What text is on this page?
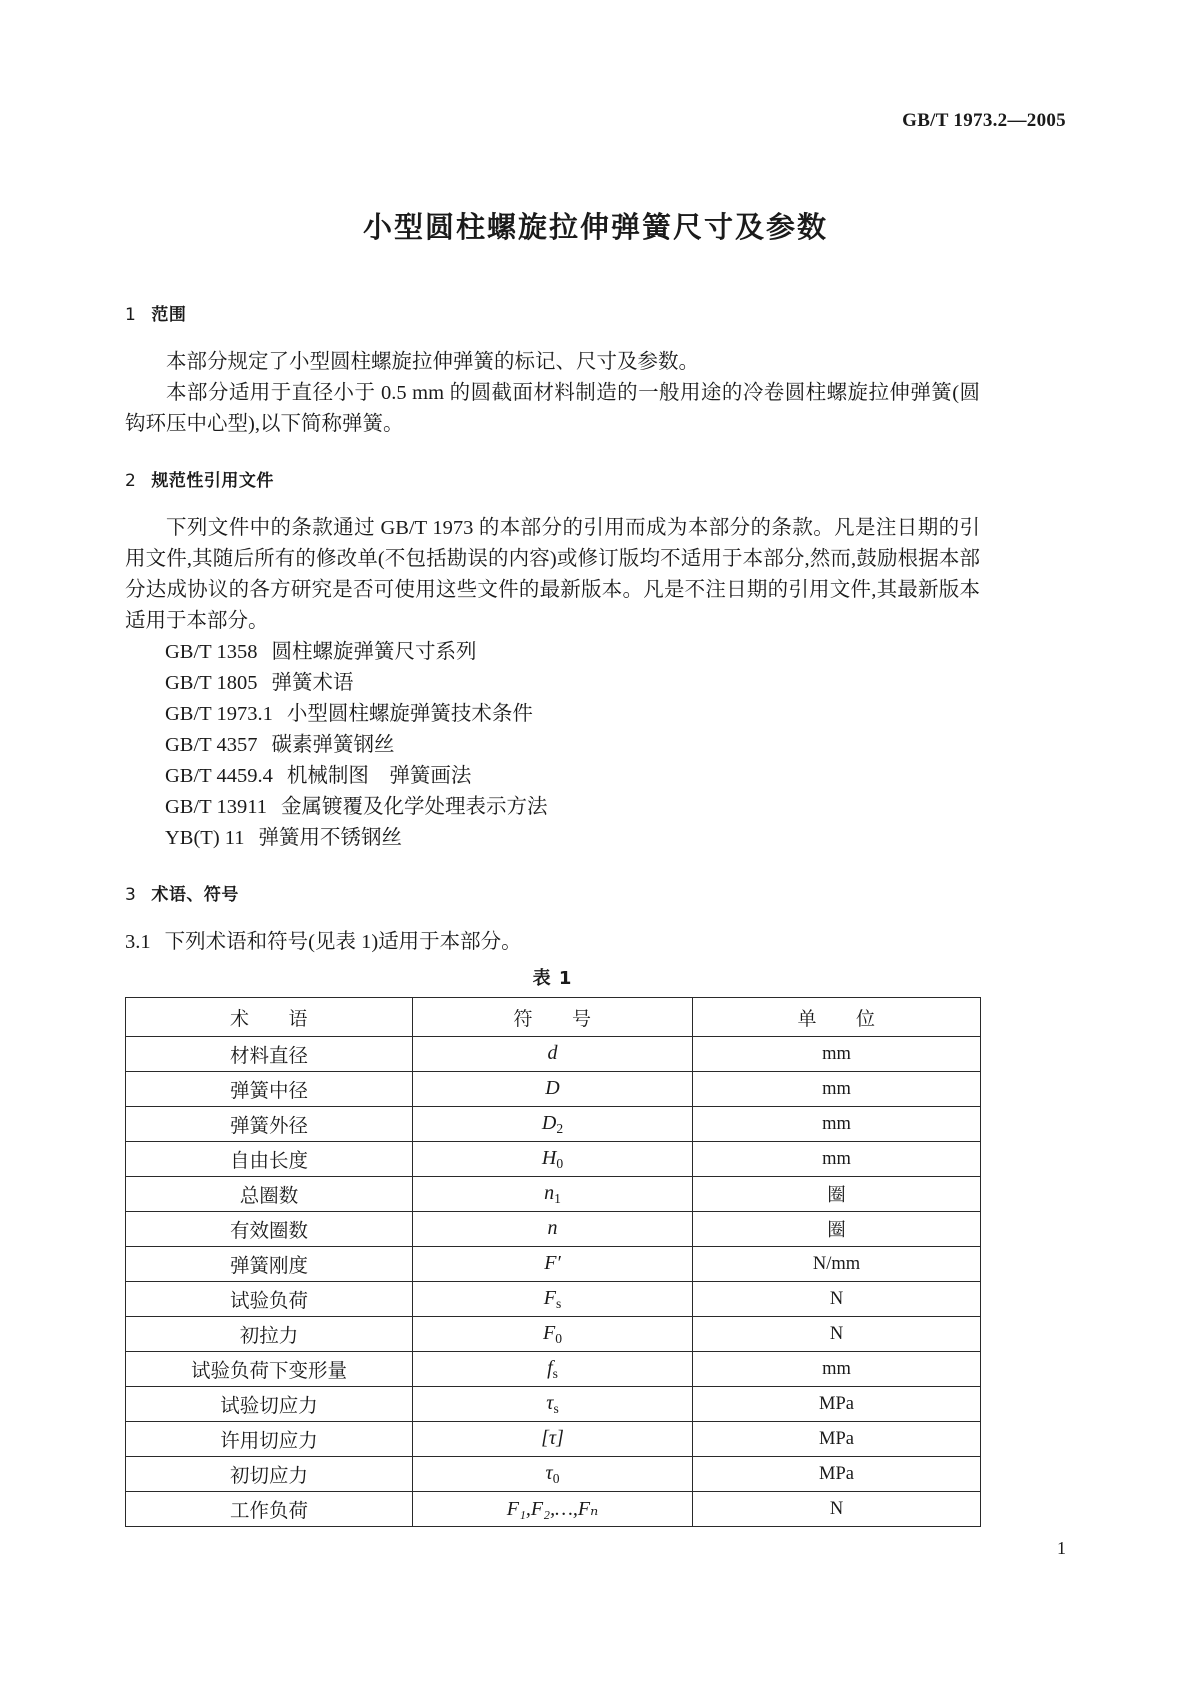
GB/T 1973.2—2005
小型圆柱螺旋拉伸弹簧尺寸及参数
1 范围

本部分规定了小型圆柱螺旋拉伸弹簧的标记、尺寸及参数。

本部分适用于直径小于 0.5 mm 的圆截面材料制造的一般用途的冷卷圆柱螺旋拉伸弹簧(圆钩环压中心型),以下简称弹簧。

2 规范性引用文件

下列文件中的条款通过 GB/T 1973 的本部分的引用而成为本部分的条款。凡是注日期的引用文件,其随后所有的修改单(不包括勘误的内容)或修订版均不适用于本部分,然而,鼓励根据本部分达成协议的各方研究是否可使用这些文件的最新版本。凡是不注日期的引用文件,其最新版本适用于本部分。

GB/T 1358 圆柱螺旋弹簧尺寸系列
GB/T 1805 弹簧术语
GB/T 1973.1 小型圆柱螺旋弹簧技术条件
GB/T 4357 碳素弹簧钢丝
GB/T 4459.4 机械制图　弹簧画法
GB/T 13911 金属镀覆及化学处理表示方法
YB(T) 11 弹簧用不锈钢丝
3 术语、符号

3.1 下列术语和符号(见表 1)适用于本部分。

表 1
术　　语	符　　号	单　　位
材料直径	d	mm
弹簧中径	D	mm
弹簧外径	$D_2$	mm
自由长度	$H_0$	mm
总圈数	$n_1$	圈
有效圈数	n	圈
弹簧刚度	F′	N/mm
试验负荷	$F_s$	N
初拉力	$F_0$	N
试验负荷下变形量	$f_s$	mm
试验切应力	$\tau_s$	MPa
许用切应力	[τ]	MPa
初切应力	$\tau_0$	MPa
工作负荷	F₁,F₂,…,Fₙ	N
1
